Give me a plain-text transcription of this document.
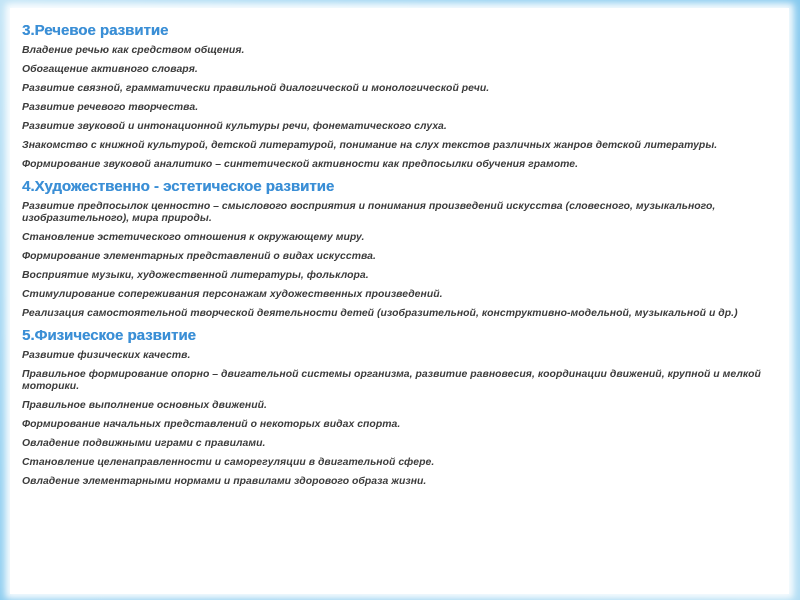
3.Речевое развитие
Владение речью как средством общения.
Обогащение активного словаря.
Развитие связной, грамматически правильной диалогической и монологической речи.
Развитие речевого творчества.
Развитие звуковой и интонационной культуры речи, фонематического слуха.
Знакомство с книжной культурой, детской литературой, понимание на слух текстов различных жанров детской литературы.
Формирование звуковой аналитико – синтетической активности как предпосылки обучения грамоте.
4.Художественно - эстетическое развитие
Развитие предпосылок ценностно – смыслового восприятия и понимания произведений искусства (словесного, музыкального, изобразительного), мира природы.
Становление эстетического отношения к окружающему миру.
Формирование элементарных представлений о видах искусства.
Восприятие музыки, художественной литературы, фольклора.
Стимулирование сопереживания персонажам художественных произведений.
Реализация самостоятельной творческой деятельности детей (изобразительной, конструктивно-модельной, музыкальной и др.)
5.Физическое развитие
Развитие физических качеств.
Правильное формирование опорно – двигательной системы организма, развитие равновесия, координации движений, крупной и мелкой моторики.
Правильное выполнение основных движений.
Формирование начальных представлений о некоторых видах спорта.
Овладение подвижными играми с правилами.
Становление целенаправленности и саморегуляции в двигательной сфере.
Овладение элементарными нормами и правилами здорового образа жизни.
